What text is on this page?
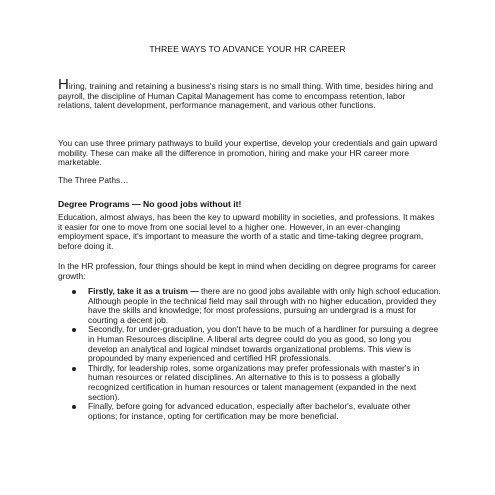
THREE WAYS TO ADVANCE YOUR HR CAREER
Hiring, training and retaining a business's rising stars is no small thing. With time, besides hiring and payroll, the discipline of Human Capital Management has come to encompass retention, labor relations, talent development, performance management, and various other functions.
You can use three primary pathways to build your expertise, develop your credentials and gain upward mobility. These can make all the difference in promotion, hiring and make your HR career more marketable.
The Three Paths…
Degree Programs — No good jobs without it!
Education, almost always, has been the key to upward mobility in societies, and professions. It makes it easier for one to move from one social level to a higher one. However, in an ever-changing employment space, it's important to measure the worth of a static and time-taking degree program, before doing it.
In the HR profession, four things should be kept in mind when deciding on degree programs for career growth:
Firstly, take it as a truism — there are no good jobs available with only high school education. Although people in the technical field may sail through with no higher education, provided they have the skills and knowledge; for most professions, pursuing an undergrad is a must for courting a decent job.
Secondly, for under-graduation, you don't have to be much of a hardliner for pursuing a degree in Human Resources discipline. A liberal arts degree could do you as good, so long you develop an analytical and logical mindset towards organizational problems. This view is propounded by many experienced and certified HR professionals.
Thirdly, for leadership roles, some organizations may prefer professionals with master's in human resources or related disciplines. An alternative to this is to possess a globally recognized certification in human resources or talent management (expanded in the next section).
Finally, before going for advanced education, especially after bachelor's, evaluate other options; for instance, opting for certification may be more beneficial.
